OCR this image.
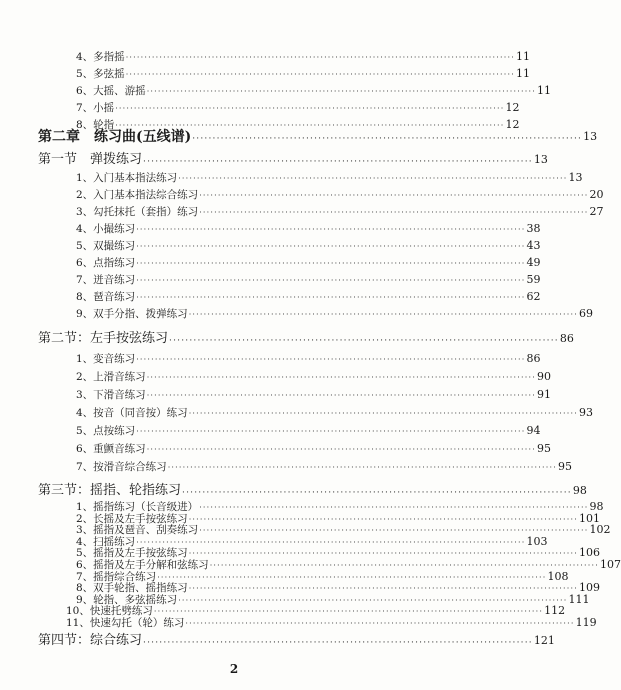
4、多指摇 ········································································································ 11
5、多弦摇 ········································································································ 11
6、大摇、游摇 ········································································································ 11
7、小摇 ········································································································ 12
8、轮指 ········································································································ 12
第二章　练习曲(五线谱) ································································································ 13
第一节　弹拨练习 ································································································ 13
1、入门基本指法练习 ········································································································ 13
2、入门基本指法综合练习 ········································································································ 20
3、勾托抹托（套指）练习 ········································································································ 27
4、小撮练习 ········································································································ 38
5、双撮练习 ········································································································ 43
6、点指练习 ········································································································ 49
7、迸音练习 ········································································································ 59
8、琶音练习 ········································································································ 62
9、双手分指、拨弹练习 ········································································································ 69
第二节：左手按弦练习 ································································································ 86
1、变音练习 ········································································································ 86
2、上滑音练习 ········································································································ 90
3、下滑音练习 ········································································································ 91
4、按音（同音按）练习 ········································································································ 93
5、点按练习 ········································································································ 94
6、重颤音练习 ········································································································ 95
7、按滑音综合练习 ········································································································ 95
第三节：摇指、轮指练习 ································································································ 98
1、摇指练习（长音级进） ········································································································ 98
2、长摇及左手按弦练习 ········································································································ 101
3、摇指及琶音、刮奏练习 ········································································································ 102
4、扫摇练习 ········································································································ 103
5、摇指及左手按弦练习 ········································································································ 106
6、摇指及左手分解和弦练习 ········································································································ 107
7、摇指综合练习 ········································································································ 108
8、双手轮指、摇指练习 ········································································································ 109
9、轮指、多弦摇练习 ········································································································ 111
10、快速托劈练习 ········································································································ 112
11、快速勾托（轮）练习 ········································································································ 119
2
第四节：综合练习 ································································································ 121
